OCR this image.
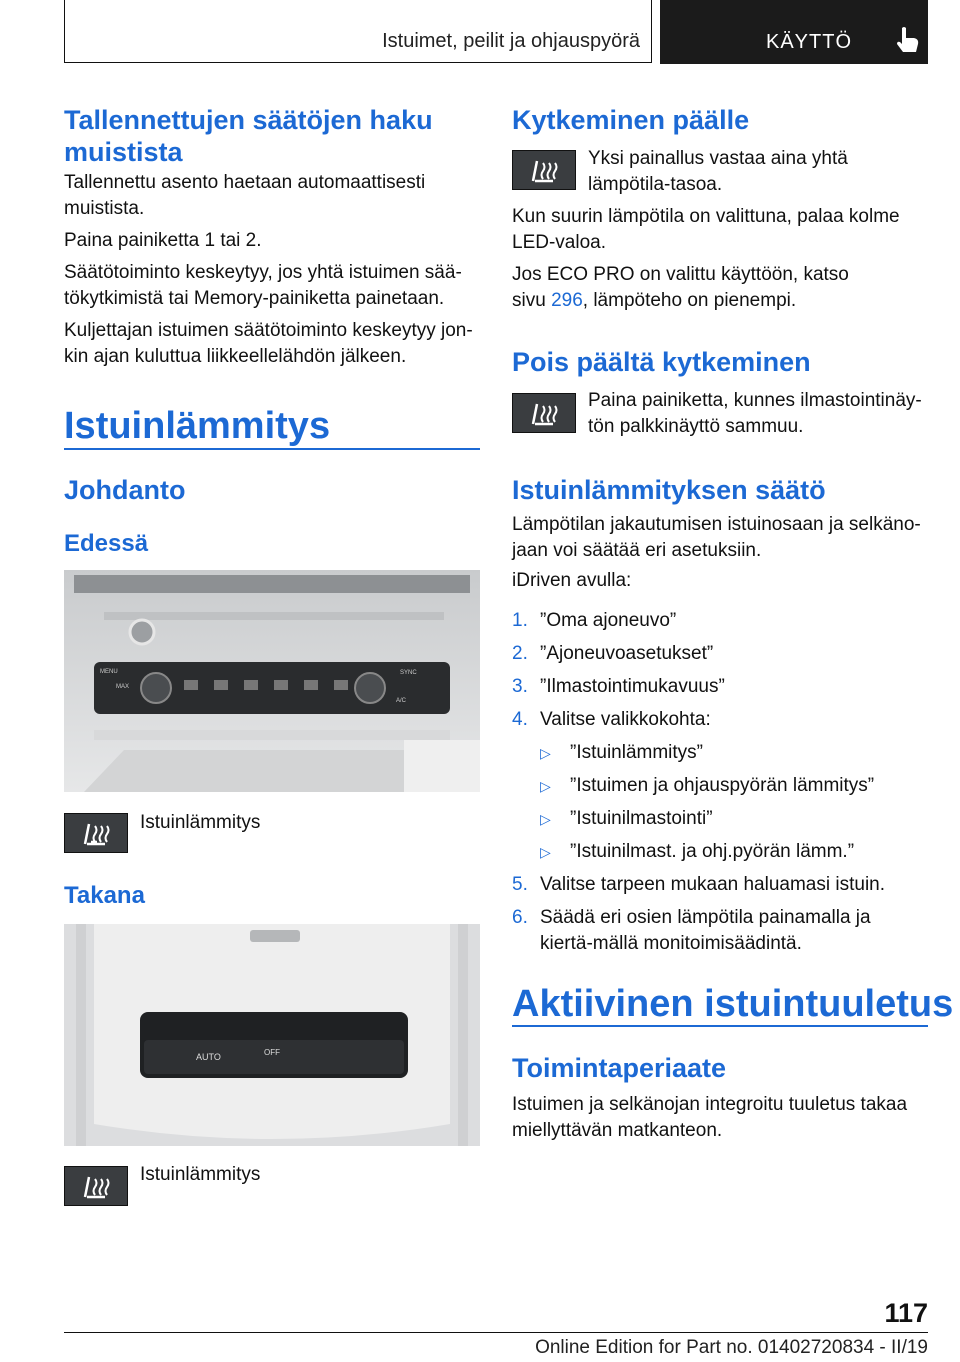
Istuimet, peilit ja ohjauspyörä	KÄYTTÖ
Tallennettujen säätöjen haku muistista

Tallennettu asento haetaan automaattisesti muistista.

Paina painiketta 1 tai 2.

Säätötoiminto keskeytyy, jos yhtä istuimen sää-tökytkimistä tai Memory-painiketta painetaan.

Kuljettajan istuimen säätötoiminto keskeytyy jon-kin ajan kuluttua liikkeellelähdön jälkeen.

Istuinlämmitys
Johdanto
Edessä
MENU
MAX
SYNC
A/C

Istuinlämmitys

Takana
AUTO	OFF

Istuinlämmitys

Kytkeminen päälle

Yksi painallus vastaa aina yhtä lämpötila-tasoa.

Kun suurin lämpötila on valittuna, palaa kolme LED-valoa.

Jos ECO PRO on valittu käyttöön, katso sivu 296, lämpöteho on pienempi.

Pois päältä kytkeminen

Paina painiketta, kunnes ilmastointinäy-tön palkkinäyttö sammuu.

Istuinlämmityksen säätö

Lämpötilan jakautumisen istuinosaan ja selkäno-jaan voi säätää eri asetuksiin.

iDriven avulla:

1. ”Oma ajoneuvo”
2. ”Ajoneuvoasetukset”
3. ”Ilmastointimukavuus”
4. Valitse valikkokohta:
▷ ”Istuinlämmitys”
▷ ”Istuimen ja ohjauspyörän lämmitys”
▷ ”Istuinilmastointi”
▷ ”Istuinilmast. ja ohj.pyörän lämm.”
5. Valitse tarpeen mukaan haluamasi istuin.
6. Säädä eri osien lämpötila painamalla ja kiertä-mällä monitoimisäädintä.
Aktiivinen istuintuuletus
Toimintaperiaate

Istuimen ja selkänojan integroitu tuuletus takaa miellyttävän matkanteon.

117
Online Edition for Part no. 01402720834 - II/19
